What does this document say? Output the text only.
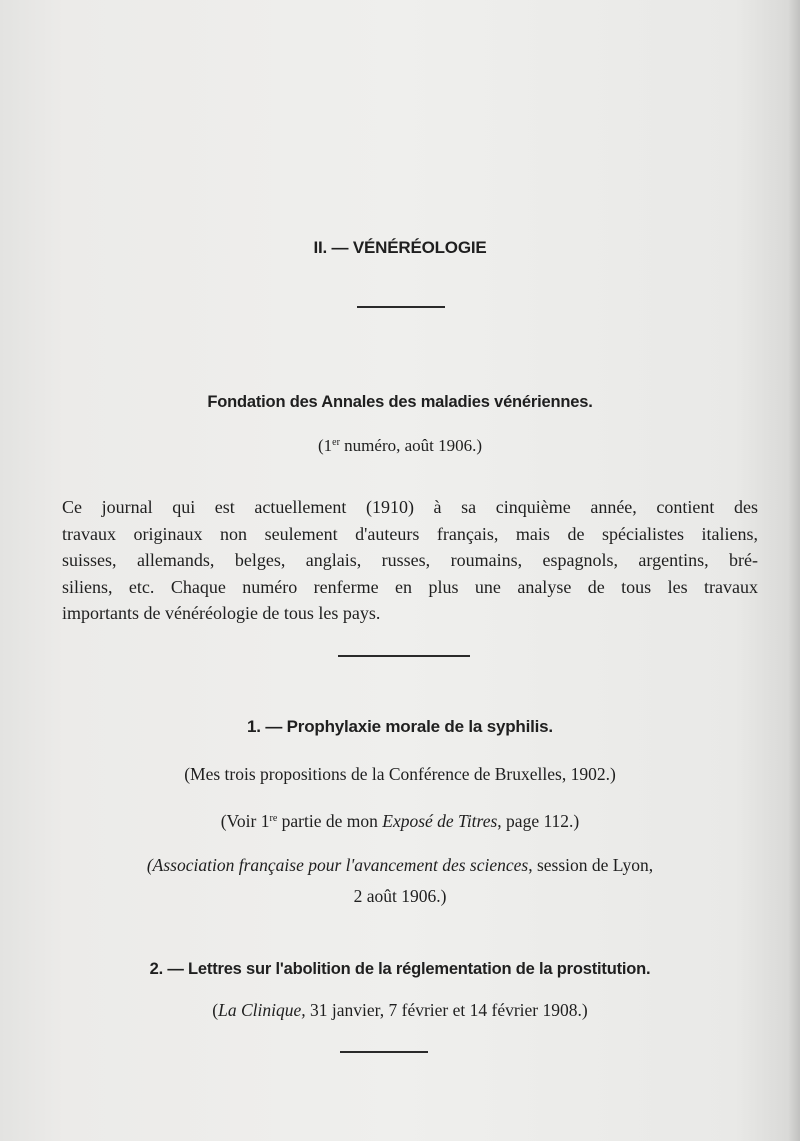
II. — VÉNÉRÉOLOGIE
Fondation des Annales des maladies vénériennes.
(1er numéro, août 1906.)
Ce journal qui est actuellement (1910) à sa cinquième année, contient des
travaux originaux non seulement d'auteurs français, mais de spécialistes italiens,
suisses, allemands, belges, anglais, russes, roumains, espagnols, argentins, bré-
siliens, etc. Chaque numéro renferme en plus une analyse de tous les travaux
importants de vénéréologie de tous les pays.
1. — Prophylaxie morale de la syphilis.
(Mes trois propositions de la Conférence de Bruxelles, 1902.)
(Voir 1re partie de mon Exposé de Titres, page 112.)
(Association française pour l'avancement des sciences, session de Lyon,
2 août 1906.)
2. — Lettres sur l'abolition de la réglementation de la prostitution.
(La Clinique, 31 janvier, 7 février et 14 février 1908.)
